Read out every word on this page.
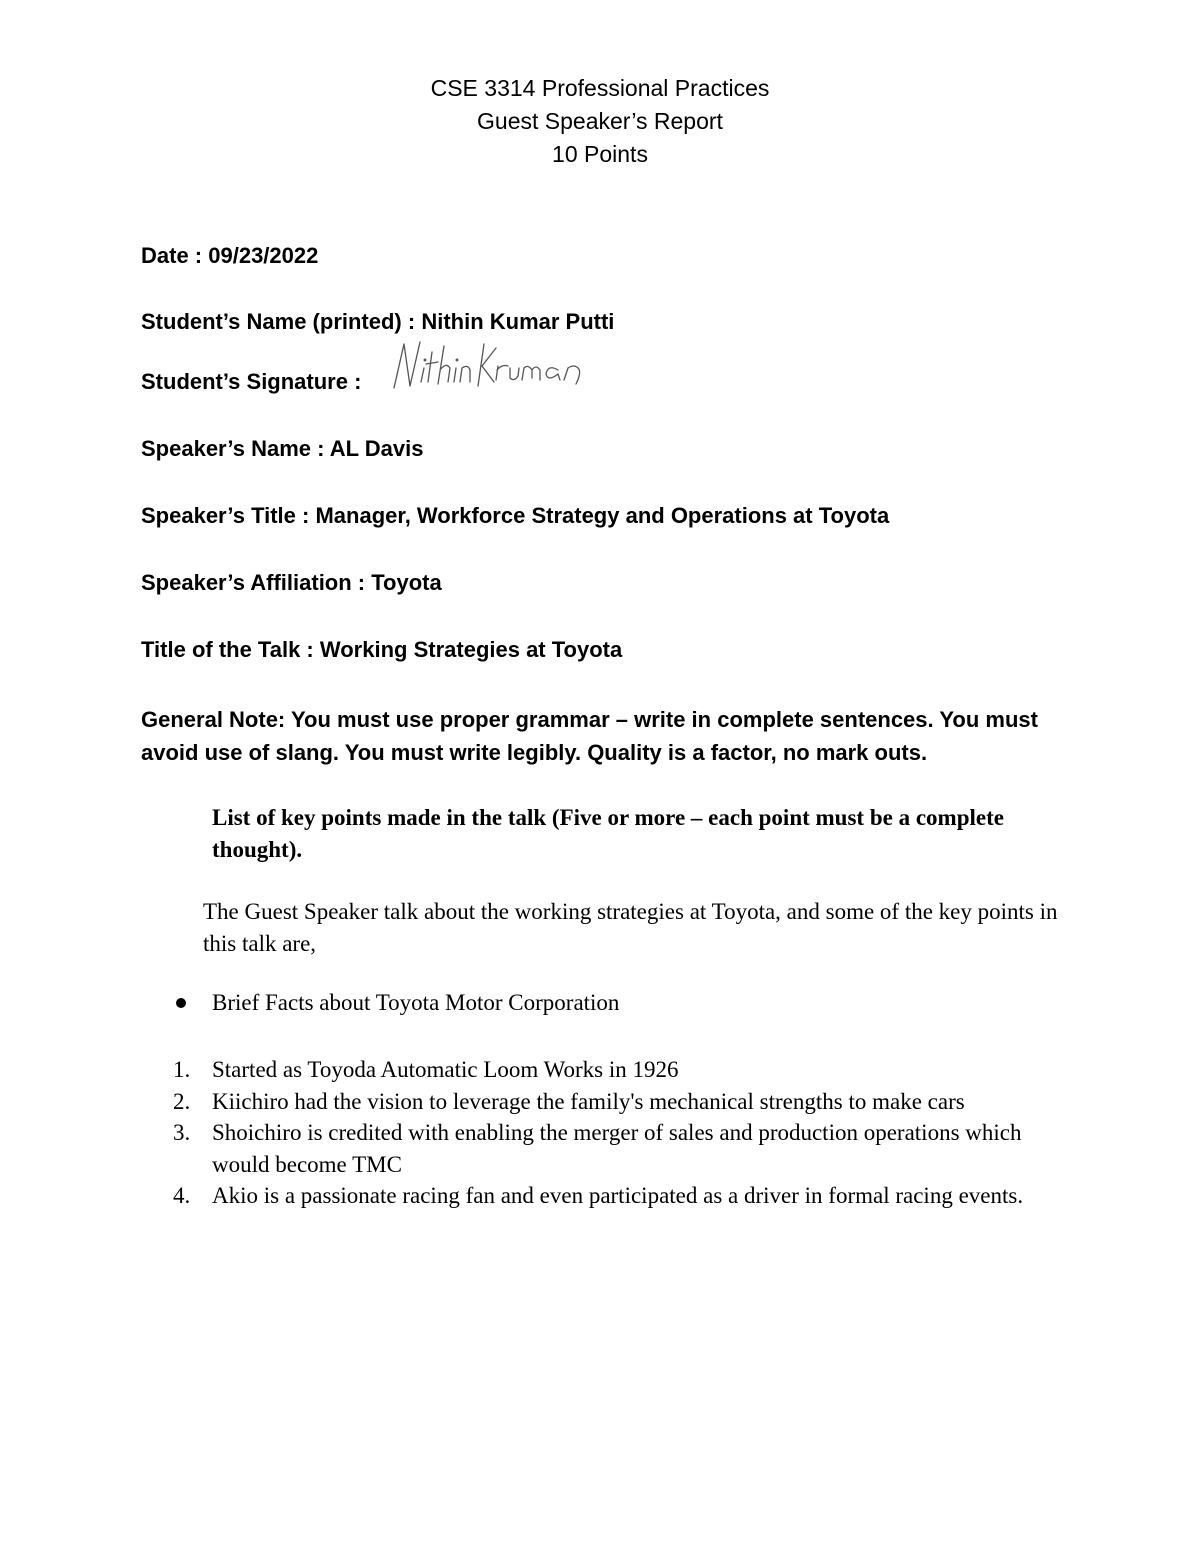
CSE 3314 Professional Practices
Guest Speaker’s Report
10 Points
Date : 09/23/2022
Student’s Name (printed) : Nithin Kumar Putti
Student’s Signature :
Speaker’s Name : AL Davis
Speaker’s Title : Manager, Workforce Strategy and Operations at Toyota
Speaker’s Affiliation : Toyota
Title of the Talk : Working Strategies at Toyota
General Note: You must use proper grammar – write in complete sentences. You must avoid use of slang. You must write legibly. Quality is a factor, no mark outs.
List of key points made in the talk (Five or more – each point must be a complete thought).
The Guest Speaker talk about the working strategies at Toyota, and some of the key points in this talk are,
Brief Facts about Toyota Motor Corporation
1. Started as Toyoda Automatic Loom Works in 1926
2. Kiichiro had the vision to leverage the family's mechanical strengths to make cars
3. Shoichiro is credited with enabling the merger of sales and production operations which would become TMC
4. Akio is a passionate racing fan and even participated as a driver in formal racing events.
